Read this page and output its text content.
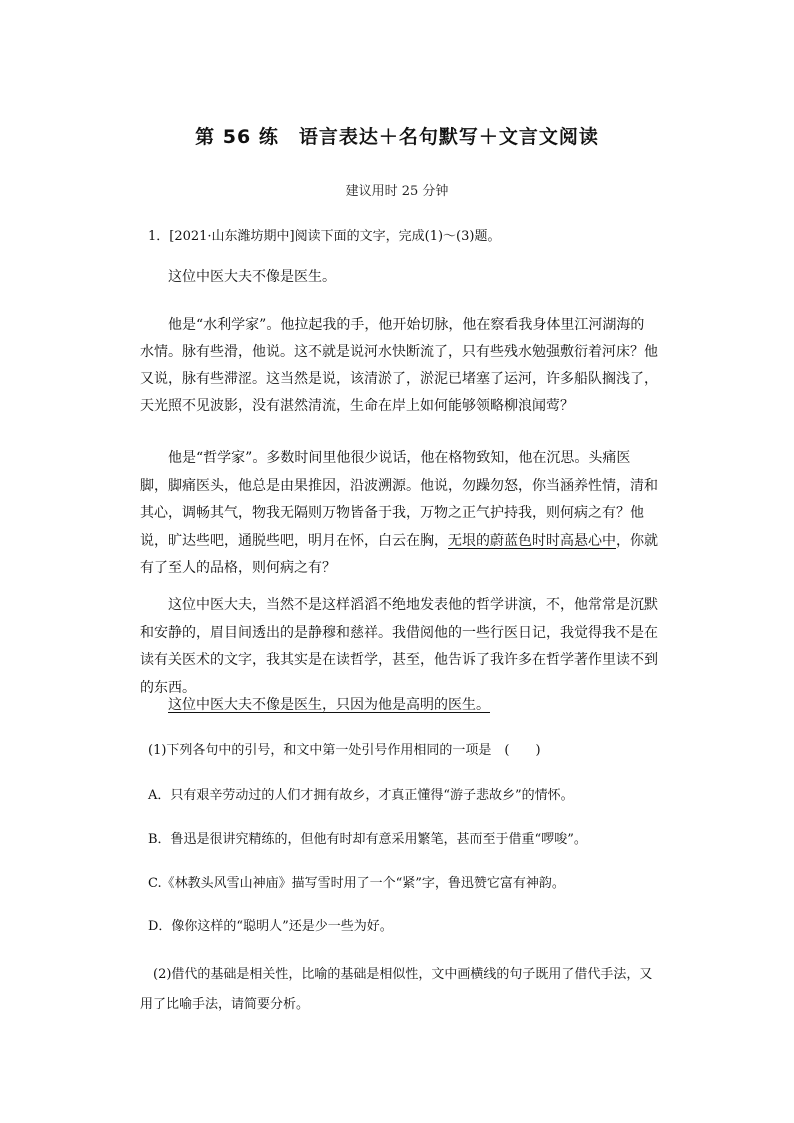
第 56 练　语言表达＋名句默写＋文言文阅读
建议用时 25 分钟
1．[2021·山东潍坊期中]阅读下面的文字，完成(1)～(3)题。
这位中医大夫不像是医生。
他是“水利学家”。他拉起我的手，他开始切脉，他在察看我身体里江河湖海的水情。脉有些滑，他说。这不就是说河水快断流了，只有些残水勉强敷衍着河床？他又说，脉有些滞涩。这当然是说，该清淤了，淤泥已堵塞了运河，许多船队搁浅了，天光照不见波影，没有湛然清流，生命在岸上如何能够领略柳浪闻莺？
他是“哲学家”。多数时间里他很少说话，他在格物致知，他在沉思。头痛医脚，脚痛医头，他总是由果推因，沿波溯源。他说，勿躁勿怒，你当涵养性情，清和其心，调畅其气，物我无隔则万物皆备于我，万物之正气护持我，则何病之有？他说，旷达些吧，通脱些吧，明月在怀，白云在胸，无垠的蔚蓝色时时高悬心中，你就有了至人的品格，则何病之有？
这位中医大夫，当然不是这样滔滔不绝地发表他的哲学讲演，不，他常常是沉默和安静的，眉目间透出的是静穆和慈祥。我借阅他的一些行医日记，我觉得我不是在读有关医术的文字，我其实是在读哲学，甚至，他告诉了我许多在哲学著作里读不到的东西。
这位中医大夫不像是医生，只因为他是高明的医生。
(1)下列各句中的引号，和文中第一处引号作用相同的一项是　(　　)
A．只有艰辛劳动过的人们才拥有故乡，才真正懂得“游子悲故乡”的情怀。
B．鲁迅是很讲究精练的，但他有时却有意采用繁笔，甚而至于借重“啰唆”。
C.《林教头风雪山神庙》描写雪时用了一个“紧”字，鲁迅赞它富有神韵。
D．像你这样的“聪明人”还是少一些为好。
(2)借代的基础是相关性，比喻的基础是相似性，文中画横线的句子既用了借代手法，又用了比喻手法，请简要分析。
